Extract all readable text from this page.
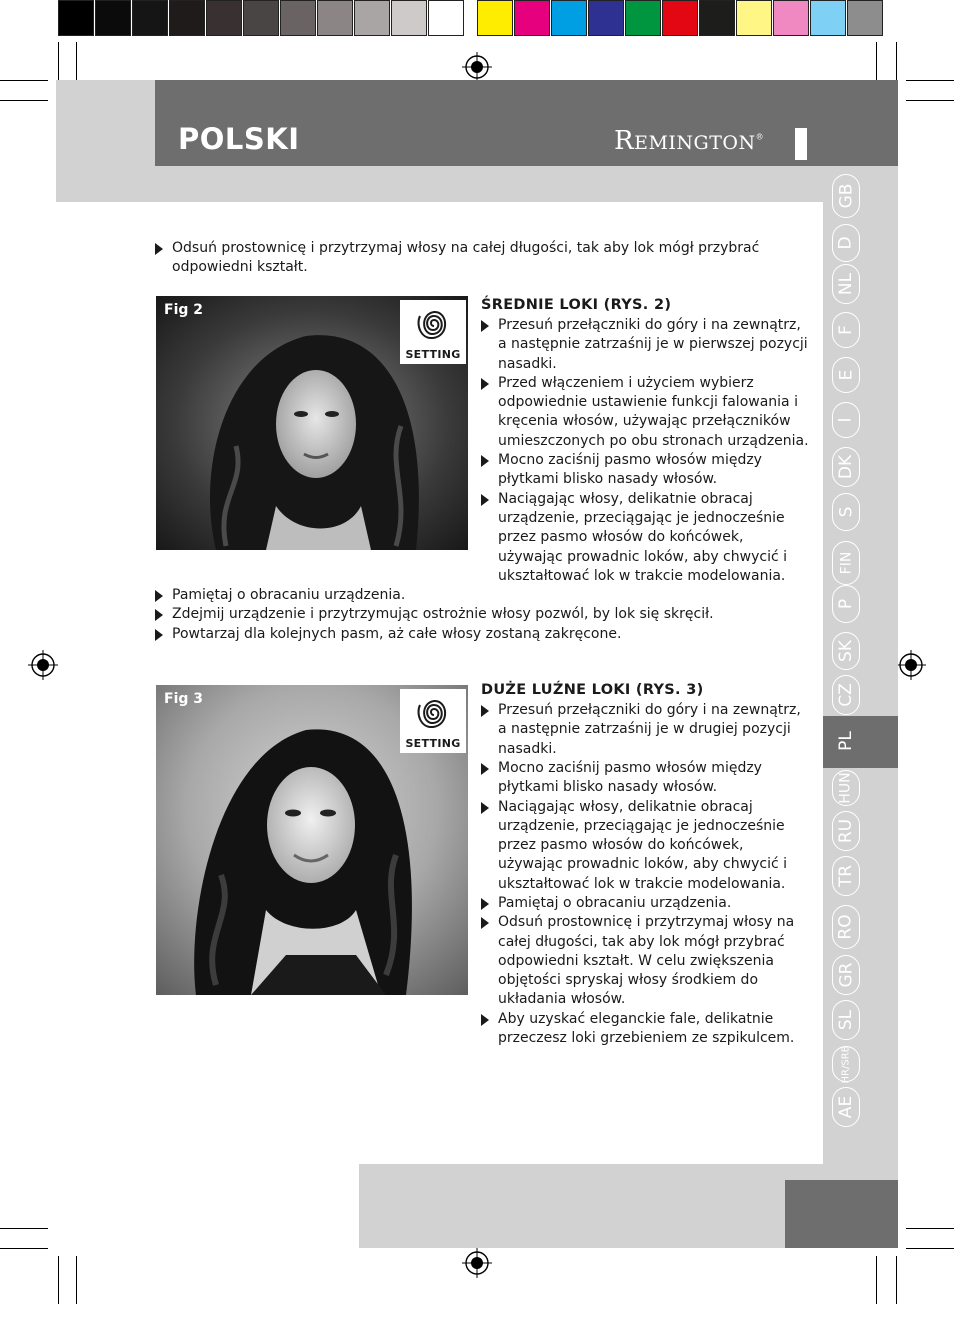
POLSKI	REMINGTON®
GB
D
NL
F
E
I
DK
S
FIN
P
SK
CZ
PL
HUN
RU
TR
RO
GR
SL
HR/SRB
AE
Odsuń prostownicę i przytrzymaj włosy na całej długości, tak aby lok mógł przybrać
odpowiedni kształt.
Fig 2
SETTING
ŚREDNIE LOKI (RYS. 2)
Przesuń przełączniki do góry i na zewnątrz,
a następnie zatrzaśnij je w pierwszej pozycji
nasadki.
Przed włączeniem i użyciem wybierz
odpowiednie ustawienie funkcji falowania i
kręcenia włosów, używając przełączników
umieszczonych po obu stronach urządzenia.
Mocno zaciśnij pasmo włosów między
płytkami blisko nasady włosów.
Naciągając włosy, delikatnie obracaj
urządzenie, przeciągając je jednocześnie
przez pasmo włosów do końcówek,
używając prowadnic loków, aby chwycić i
ukształtować lok w trakcie modelowania.
Pamiętaj o obracaniu urządzenia.
Zdejmij urządzenie i przytrzymując ostrożnie włosy pozwól, by lok się skręcił.
Powtarzaj dla kolejnych pasm, aż całe włosy zostaną zakręcone.
Fig 3
SETTING
DUŻE LUŹNE LOKI (RYS. 3)
Przesuń przełączniki do góry i na zewnątrz,
a następnie zatrzaśnij je w drugiej pozycji
nasadki.
Mocno zaciśnij pasmo włosów między
płytkami blisko nasady włosów.
Naciągając włosy, delikatnie obracaj
urządzenie, przeciągając je jednocześnie
przez pasmo włosów do końcówek,
używając prowadnic loków, aby chwycić i
ukształtować lok w trakcie modelowania.
Pamiętaj o obracaniu urządzenia.
Odsuń prostownicę i przytrzymaj włosy na
całej długości, tak aby lok mógł przybrać
odpowiedni kształt. W celu zwiększenia
objętości spryskaj włosy środkiem do
układania włosów.
Aby uzyskać eleganckie fale, delikatnie
przeczesz loki grzebieniem ze szpikulcem.
